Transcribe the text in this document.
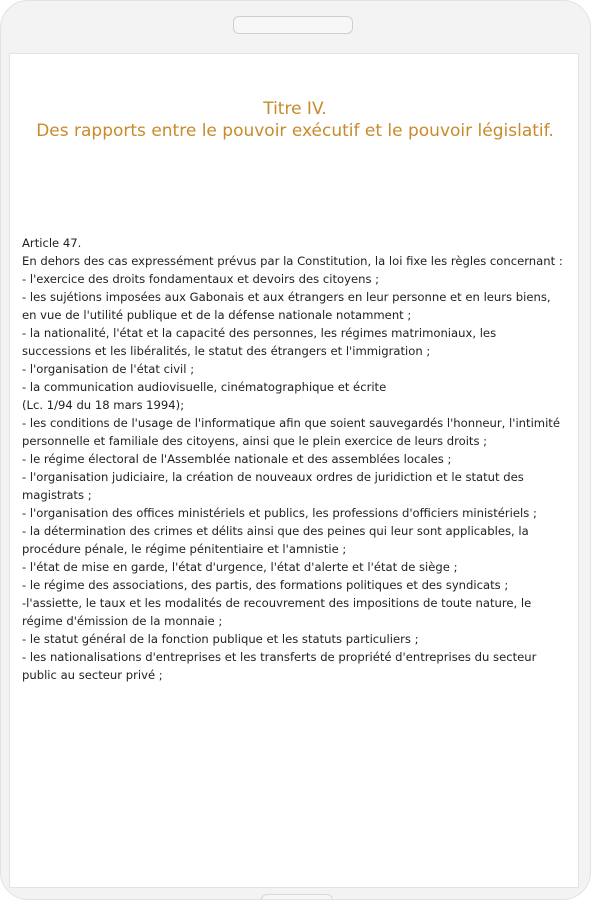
Titre IV.
Des rapports entre le pouvoir exécutif et le pouvoir législatif.
Article 47.
En dehors des cas expressément prévus par la Constitution, la loi fixe les règles concernant :
- l'exercice des droits fondamentaux et devoirs des citoyens ;
- les sujétions imposées aux Gabonais et aux étrangers en leur personne et en leurs biens, en vue de l'utilité publique et de la défense nationale notamment ;
- la nationalité, l'état et la capacité des personnes, les régimes matrimoniaux, les successions et les libéralités, le statut des étrangers et l'immigration ;
- l'organisation de l'état civil ;
- la communication audiovisuelle, cinématographique et écrite
(Lc. 1/94 du 18 mars 1994);
- les conditions de l'usage de l'informatique afin que soient sauvegardés l'honneur, l'intimité personnelle et familiale des citoyens, ainsi que le plein exercice de leurs droits ;
- le régime électoral de l'Assemblée nationale et des assemblées locales ;
- l'organisation judiciaire, la création de nouveaux ordres de juridiction et le statut des magistrats ;
- l'organisation des offices ministériels et publics, les professions d'officiers ministériels ;
- la détermination des crimes et délits ainsi que des peines qui leur sont applicables, la procédure pénale, le régime pénitentiaire et l'amnistie ;
- l'état de mise en garde, l'état d'urgence, l'état d'alerte et l'état de siège ;
- le régime des associations, des partis, des formations politiques et des syndicats ;
-l'assiette, le taux et les modalités de recouvrement des impositions de toute nature, le régime d'émission de la monnaie ;
- le statut général de la fonction publique et les statuts particuliers ;
- les nationalisations d'entreprises et les transferts de propriété d'entreprises du secteur public au secteur privé ;
